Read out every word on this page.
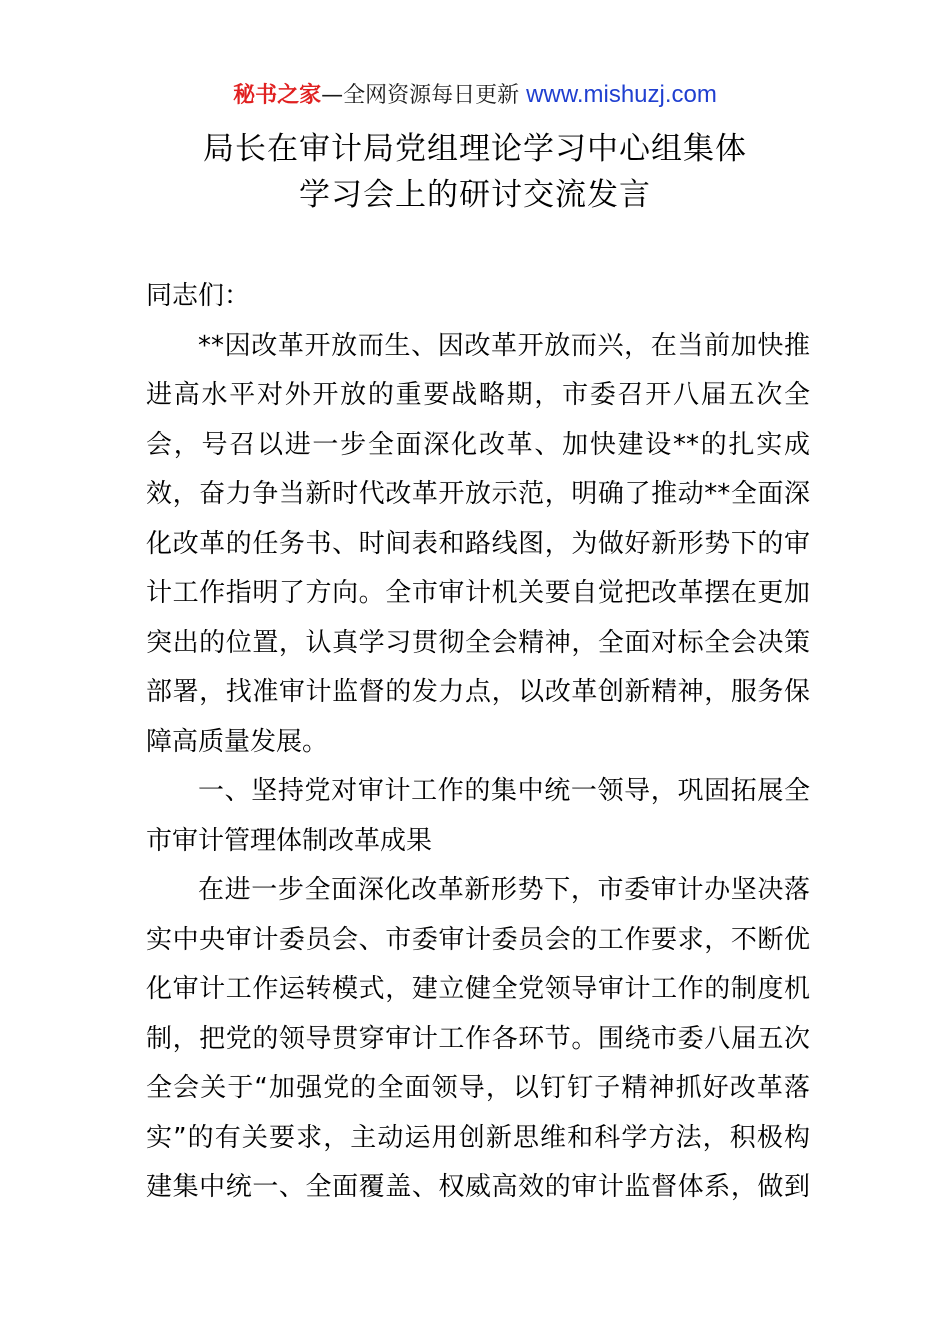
秘书之家—全网资源每日更新 www.mishuzj.com
局长在审计局党组理论学习中心组集体
学习会上的研讨交流发言

同志们：

**因改革开放而生、因改革开放而兴，在当前加快推
进高水平对外开放的重要战略期，市委召开八届五次全
会，号召以进一步全面深化改革、加快建设**的扎实成
效，奋力争当新时代改革开放示范，明确了推动**全面深
化改革的任务书、时间表和路线图，为做好新形势下的审
计工作指明了方向。全市审计机关要自觉把改革摆在更加
突出的位置，认真学习贯彻全会精神，全面对标全会决策
部署，找准审计监督的发力点，以改革创新精神，服务保
障高质量发展。

一、坚持党对审计工作的集中统一领导，巩固拓展全
市审计管理体制改革成果

在进一步全面深化改革新形势下，市委审计办坚决落
实中央审计委员会、市委审计委员会的工作要求，不断优
化审计工作运转模式，建立健全党领导审计工作的制度机
制，把党的领导贯穿审计工作各环节。围绕市委八届五次
全会关于“加强党的全面领导，以钉钉子精神抓好改革落
实”的有关要求，主动运用创新思维和科学方法，积极构
建集中统一、全面覆盖、权威高效的审计监督体系，做到
